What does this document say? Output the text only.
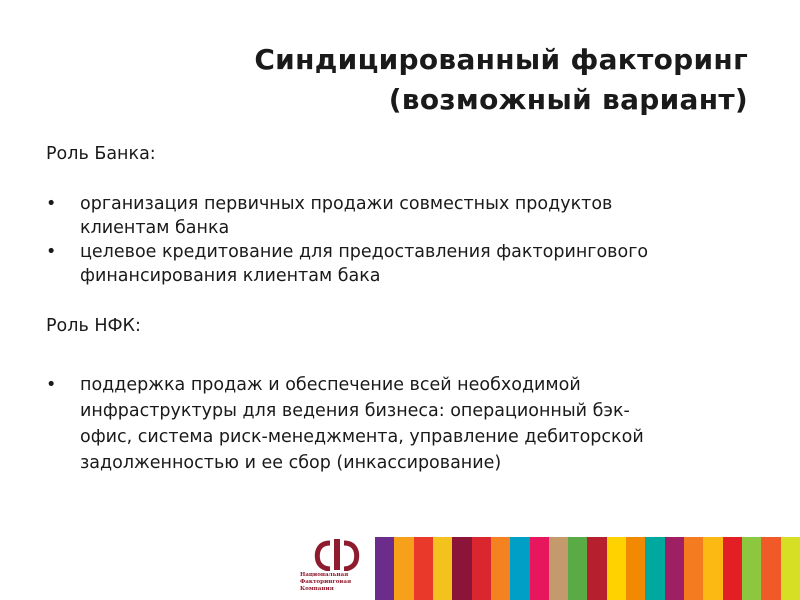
Синдицированный факторинг
(возможный вариант)

Роль Банка:

•	организация первичных продажи совместных продуктов
клиентам банка
•	целевое кредитование для предоставления факторингового
финансирования клиентам бака

Роль НФК:

•	поддержка продаж и обеспечение всей необходимой
инфраструктуры для ведения бизнеса: операционный бэк-
офис, система риск-менеджмента, управление дебиторской
задолженностью и ее сбор (инкассирование)
Национальная
Факторинговая
Компания
